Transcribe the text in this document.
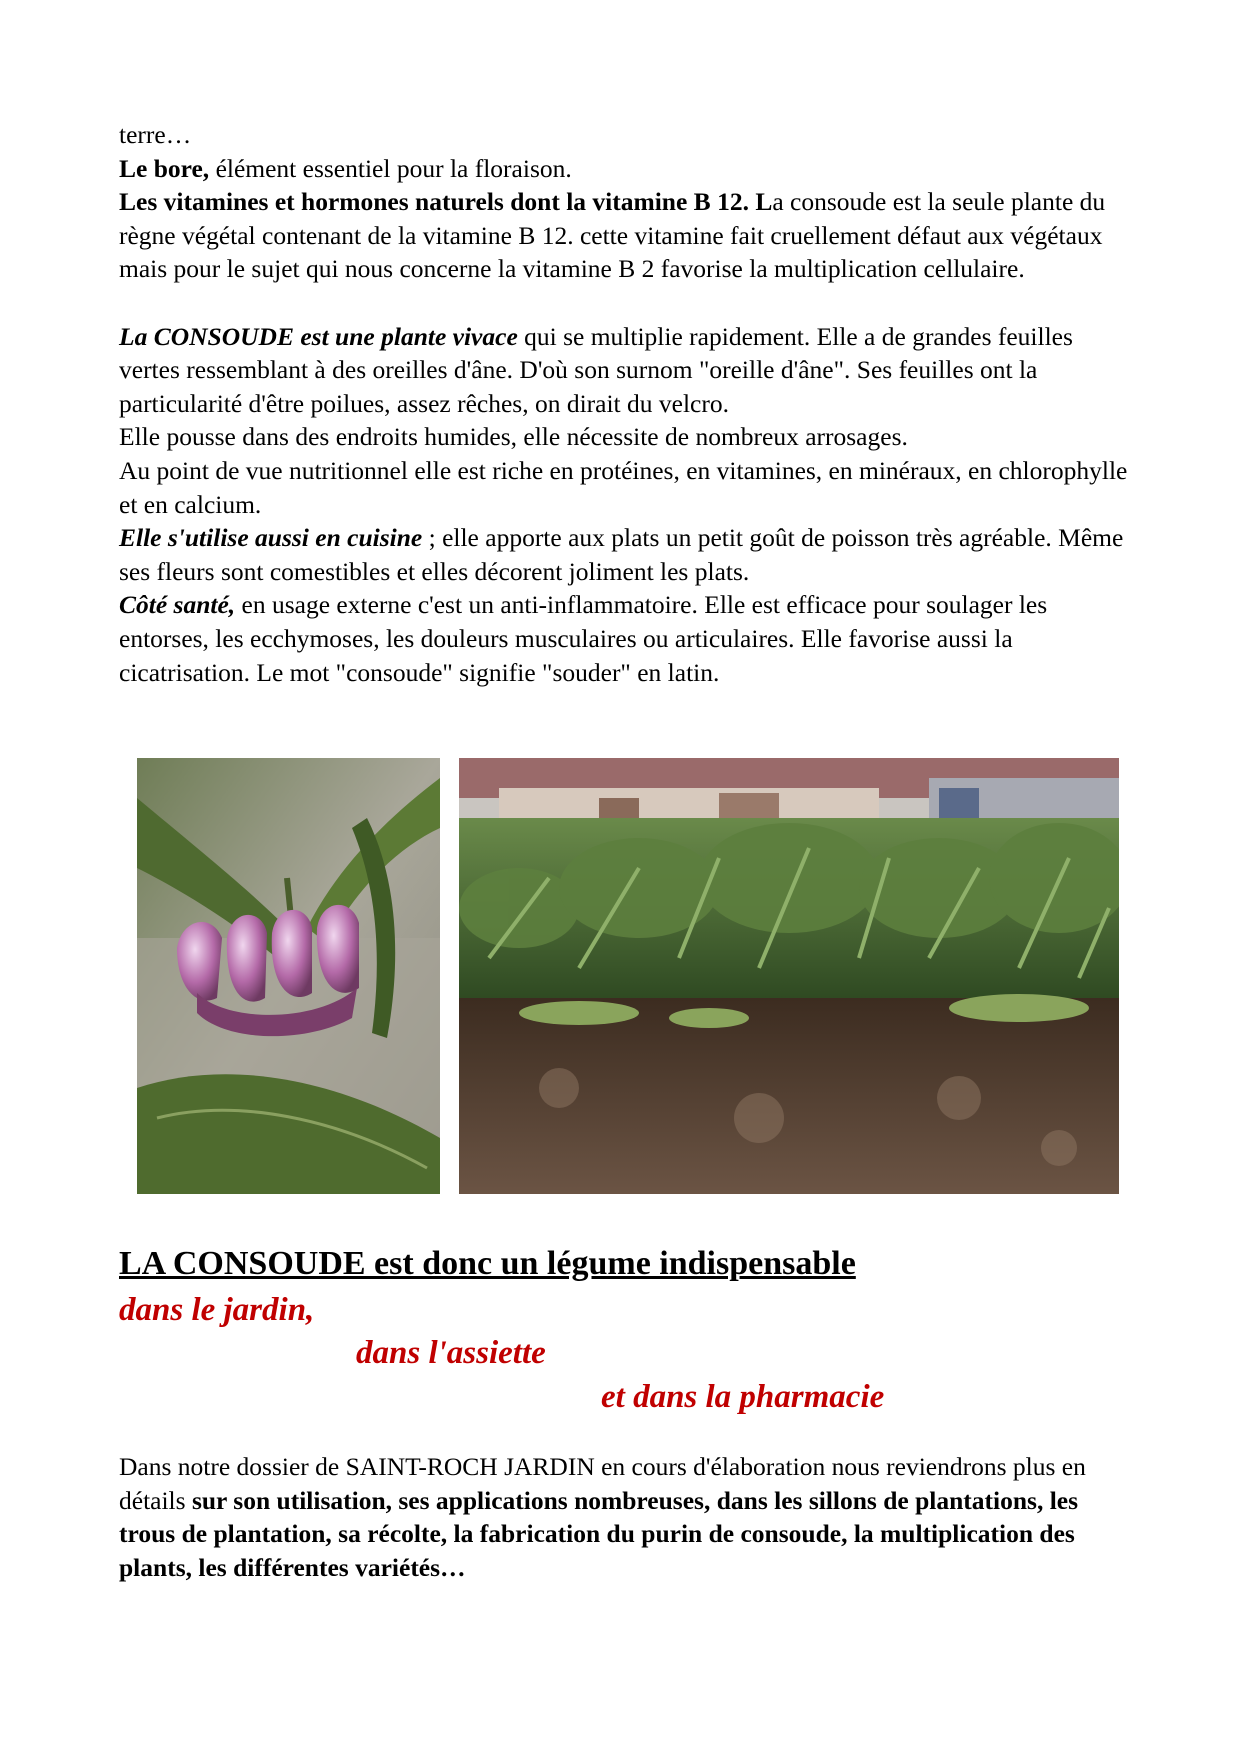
terre…

Le bore, élément essentiel pour la floraison.

Les vitamines et hormones naturels dont la vitamine B 12. La consoude est la seule plante du règne végétal contenant de la vitamine B 12. cette vitamine fait cruellement défaut aux végétaux mais pour le sujet qui nous concerne la vitamine B 2 favorise la multiplication cellulaire.

La CONSOUDE est une plante vivace qui se multiplie rapidement. Elle a de grandes feuilles vertes ressemblant à des oreilles d'âne. D'où son surnom "oreille d'âne". Ses feuilles ont la particularité d'être poilues, assez rêches, on dirait du velcro.

Elle pousse dans des endroits humides, elle nécessite de nombreux arrosages.

Au point de vue nutritionnel elle est riche en protéines, en vitamines, en minéraux, en chlorophylle et en calcium.

Elle s'utilise aussi en cuisine ; elle apporte aux plats un petit goût de poisson très agréable. Même ses fleurs sont comestibles et elles décorent joliment les plats.

Côté santé, en usage externe c'est un anti-inflammatoire. Elle est efficace pour soulager les entorses, les ecchymoses, les douleurs musculaires ou articulaires. Elle favorise aussi la cicatrisation. Le mot "consoude" signifie "souder" en latin.

LA CONSOUDE est donc un légume indispensable

dans le jardin,

dans l'assiette

et dans la pharmacie

Dans notre dossier de SAINT-ROCH JARDIN en cours d'élaboration nous reviendrons plus en détails sur son utilisation, ses applications nombreuses, dans les sillons de plantations, les trous de plantation, sa récolte, la fabrication du purin de consoude, la multiplication des plants, les différentes variétés…
